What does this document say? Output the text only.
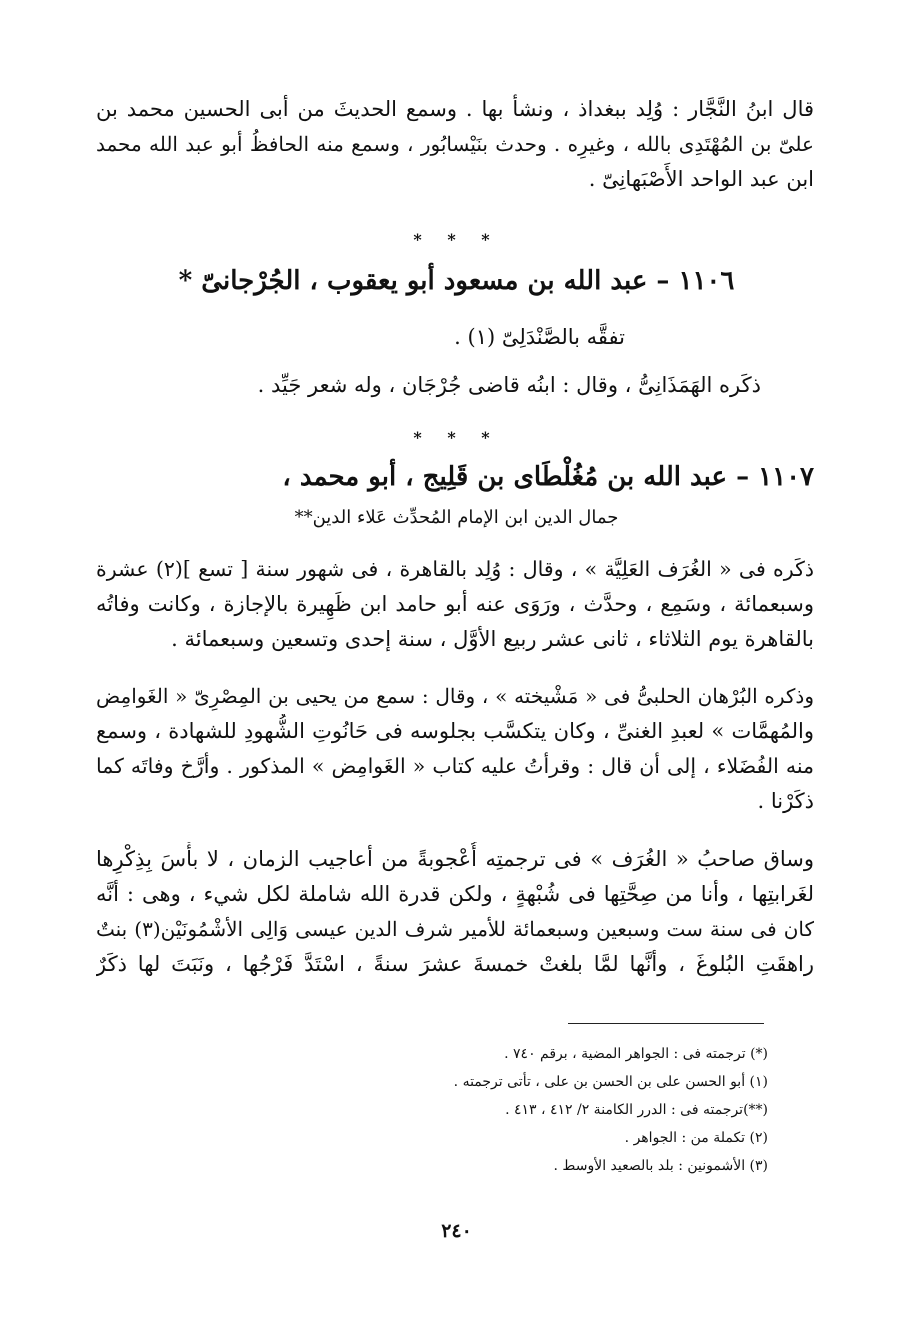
قال ابنُ النَّجَّار : وُلِد ببغداذ ، ونشأ بها . وسمع الحديثَ من أبى الحسين محمد بن
علىّ بن المُهْتَدِى بالله ، وغيرِه . وحدث بنَيْسابُور ، وسمع منه الحافظُ أبو عبد الله محمد
ابن عبد الواحد الأَصْبَهانِىّ .
* * *
١١٠٦ – عبد الله بن مسعود أبو يعقوب ، الجُرْجانىّ *
تفقَّه بالصَّنْدَلِىّ (١) .
ذكَره الهَمَذَانِىُّ ، وقال : ابنُه قاضى جُرْجَان ، وله شعر جَيِّد .
* * *
١١٠٧ – عبد الله بن مُغُلْطَاى بن قَلِيج ، أبو محمد ،
جمال الدين ابن الإمام المُحدِّث عَلاء الدين**
ذكَره فى « الغُرَف العَلِيَّة » ، وقال : وُلِد بالقاهرة ، فى شهور سنة [ تسع ](٢) عشرة
وسبعمائة ، وسَمِع ، وحدَّث ، ورَوَى عنه أبو حامد ابن ظَهِيرة بالإجازة ، وكانت وفاتُه
بالقاهرة يوم الثلاثاء ، ثانى عشر ربيع الأوَّل ، سنة إحدى وتسعين وسبعمائة .
وذكره البُرْهان الحلبىُّ فى « مَشْيخته » ، وقال : سمع من يحيى بن المِصْرِىّ « الغَوامِض
والمُهمَّات » لعبدِ الغنىِّ ، وكان يتكسَّب بجلوسه فى حَانُوتِ الشُّهودِ للشهادة ، وسمع
منه الفُضَلاء ، إلى أن قال : وقرأتُ عليه كتاب « الغَوامِض » المذكور . وأرَّخ وفاتَه كما
ذكَرْنا .
وساق صاحبُ « الغُرَف » فى ترجمتِه أُعْجوبةً من أعاجيب الزمان ، لا بأْسَ بِذِكْرِها
لغَرابتِها ، وأنا من صِحَّتِها فى شُبْهةٍ ، ولكن قدرة الله شاملة لكل شيء ، وهى : أنَّه
كان فى سنة ست وسبعين وسبعمائة للأمير شرف الدين عيسى وَالِى الأشْمُونَيْن(٣) بنتٌ
راهقَتِ البُلوغَ ، وأنَّها لمَّا بلغتْ خمسةَ عشرَ سنةً ، اسْتَدَّ فَرْجُها ، ونَبَتَ لها ذكَرٌ
(*) ترجمته فى : الجواهر المضية ، برقم ٧٤٠ .
(١) أبو الحسن على بن الحسن بن على ، تأتى ترجمته .
(**)ترجمته فى : الدرر الكامنة ٢/ ٤١٢ ، ٤١٣ .
(٢) تكملة من : الجواهر .
(٣) الأشمونين : بلد بالصعيد الأوسط .
٢٤٠
